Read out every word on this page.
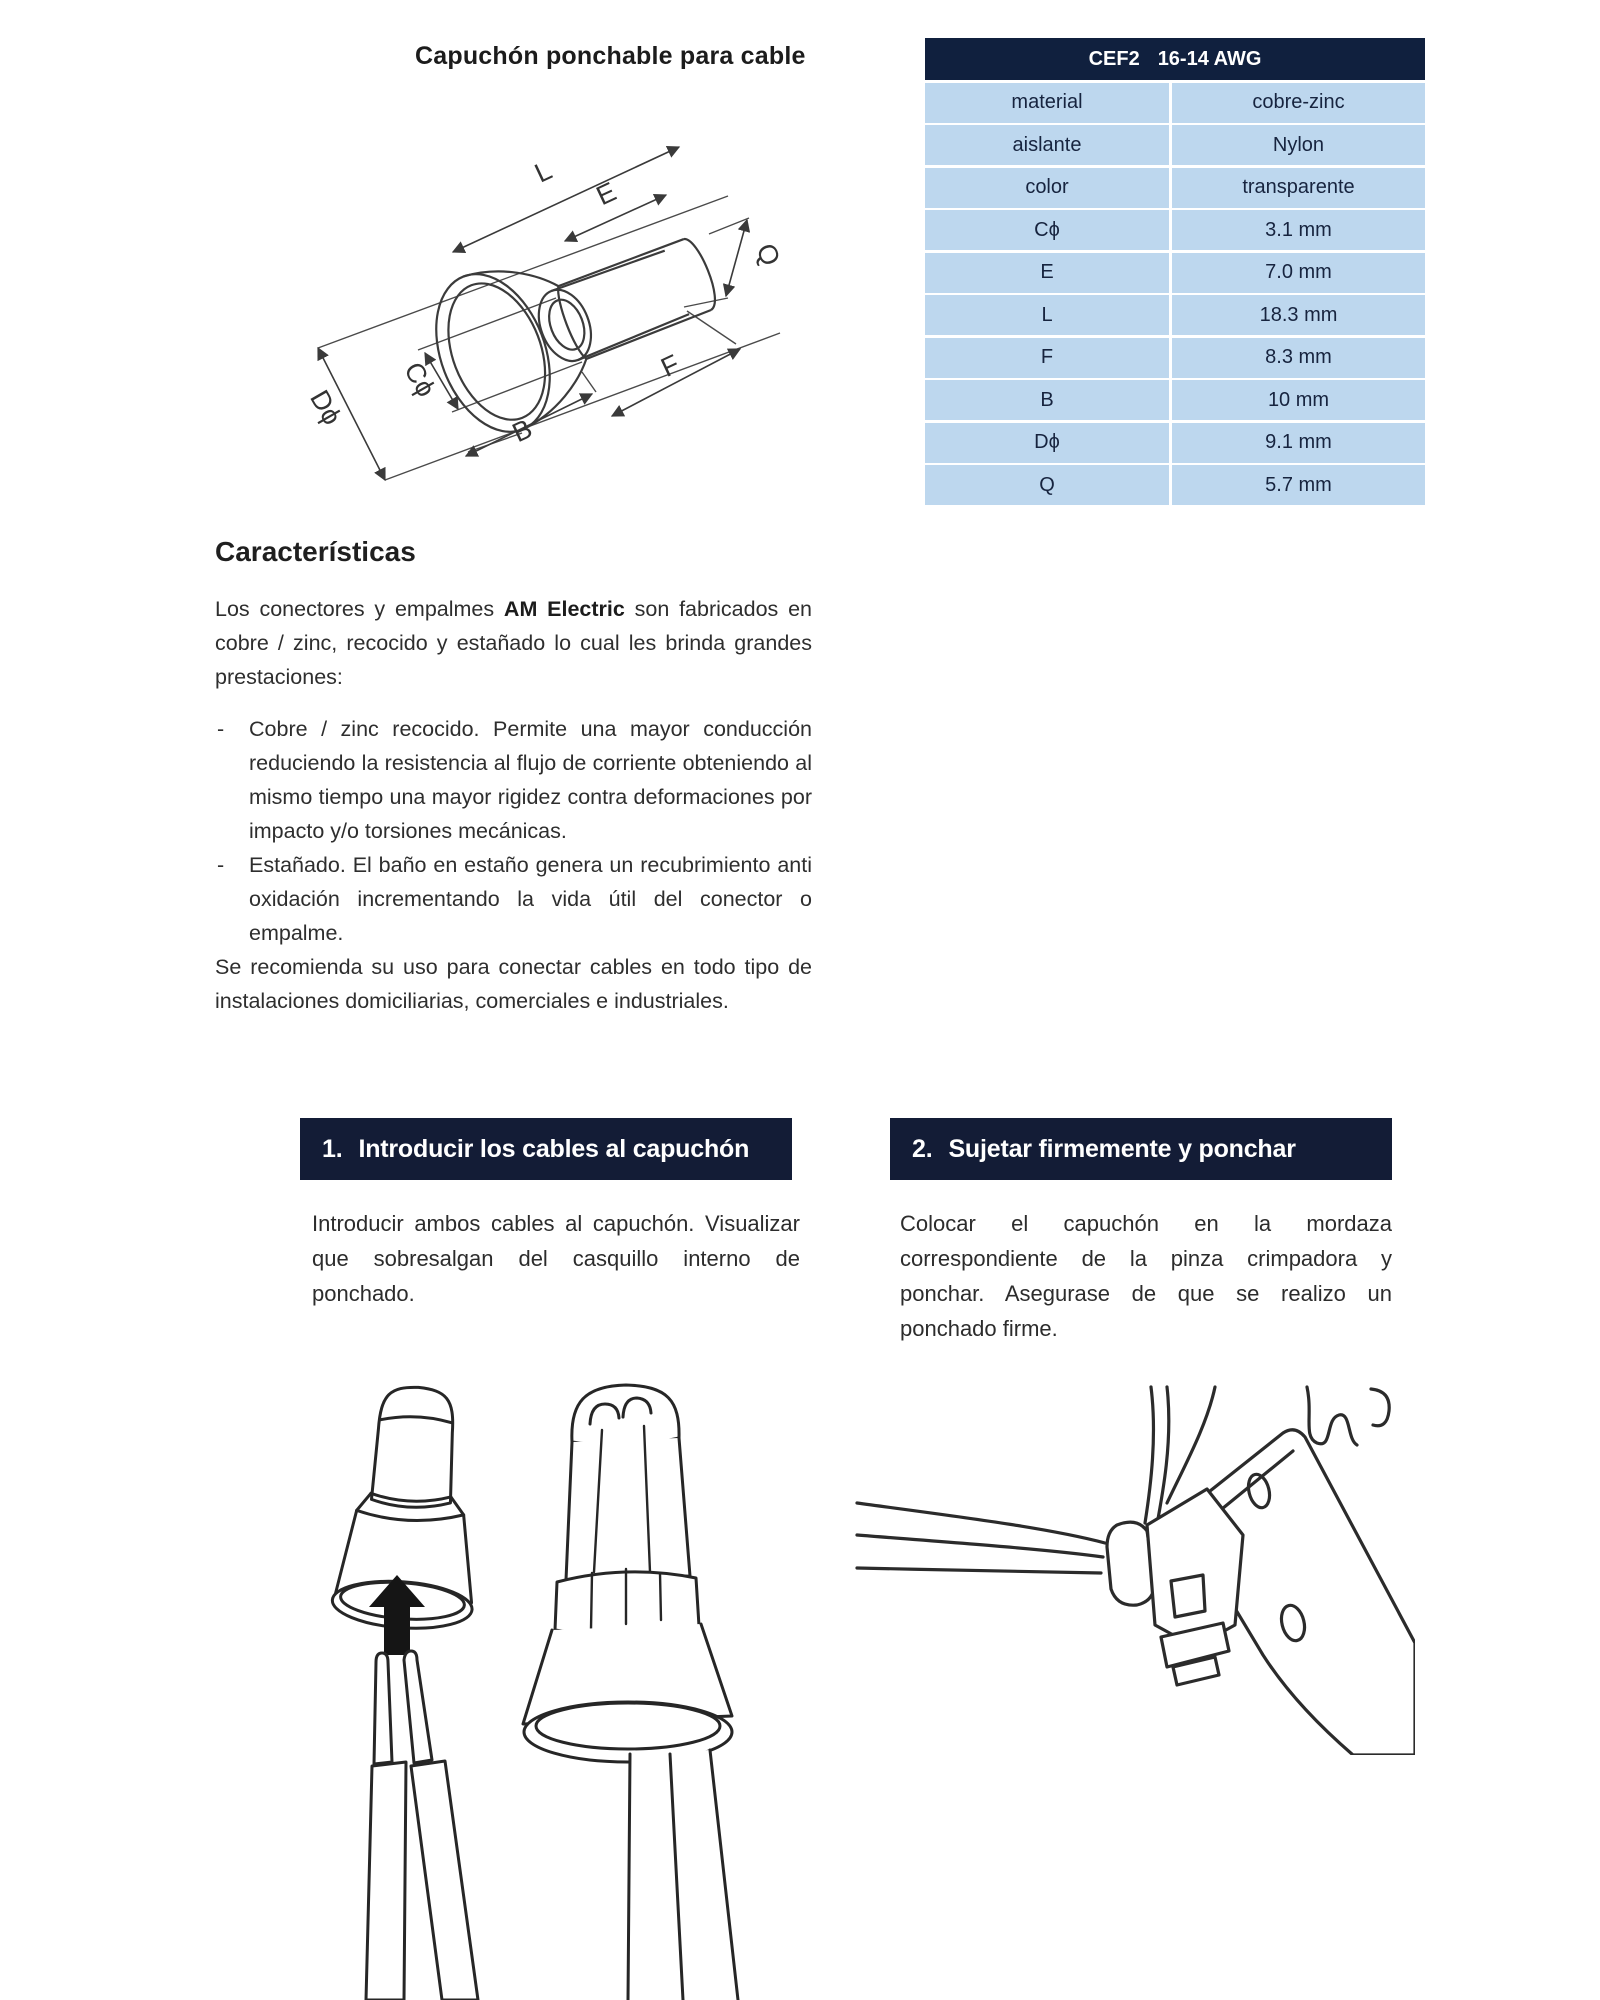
Capuchón ponchable para cable	CEF2 16-14 AWG
material	cobre-zinc
aislante	Nylon
color	transparente
Cϕ	3.1 mm
E	7.0 mm
L	18.3 mm
F	8.3 mm
B	10 mm
Dϕ	9.1 mm
Q	5.7 mm
L
E
Q
F
B
Dϕ
Cϕ
Características

Los conectores y empalmes AM Electric son fabricados en cobre / zinc, recocido y estañado lo cual les brinda grandes prestaciones:

- Cobre / zinc recocido. Permite una mayor conducción reduciendo la resistencia al flujo de corriente obteniendo al mismo tiempo una mayor rigidez contra deformaciones por impacto y/o torsiones mecánicas.
- Estañado. El baño en estaño genera un recubrimiento anti oxidación incrementando la vida útil del conector o empalme.

Se recomienda su uso para conectar cables en todo tipo de instalaciones domiciliarias, comerciales e industriales.

1. Introducir los cables al capuchón	2. Sujetar firmemente y ponchar
Introducir ambos cables al capuchón. Visualizar que sobresalgan del casquillo interno de ponchado.
Colocar el capuchón en la mordaza correspondiente de la pinza crimpadora y ponchar. Asegurase de que se realizo un ponchado firme.
